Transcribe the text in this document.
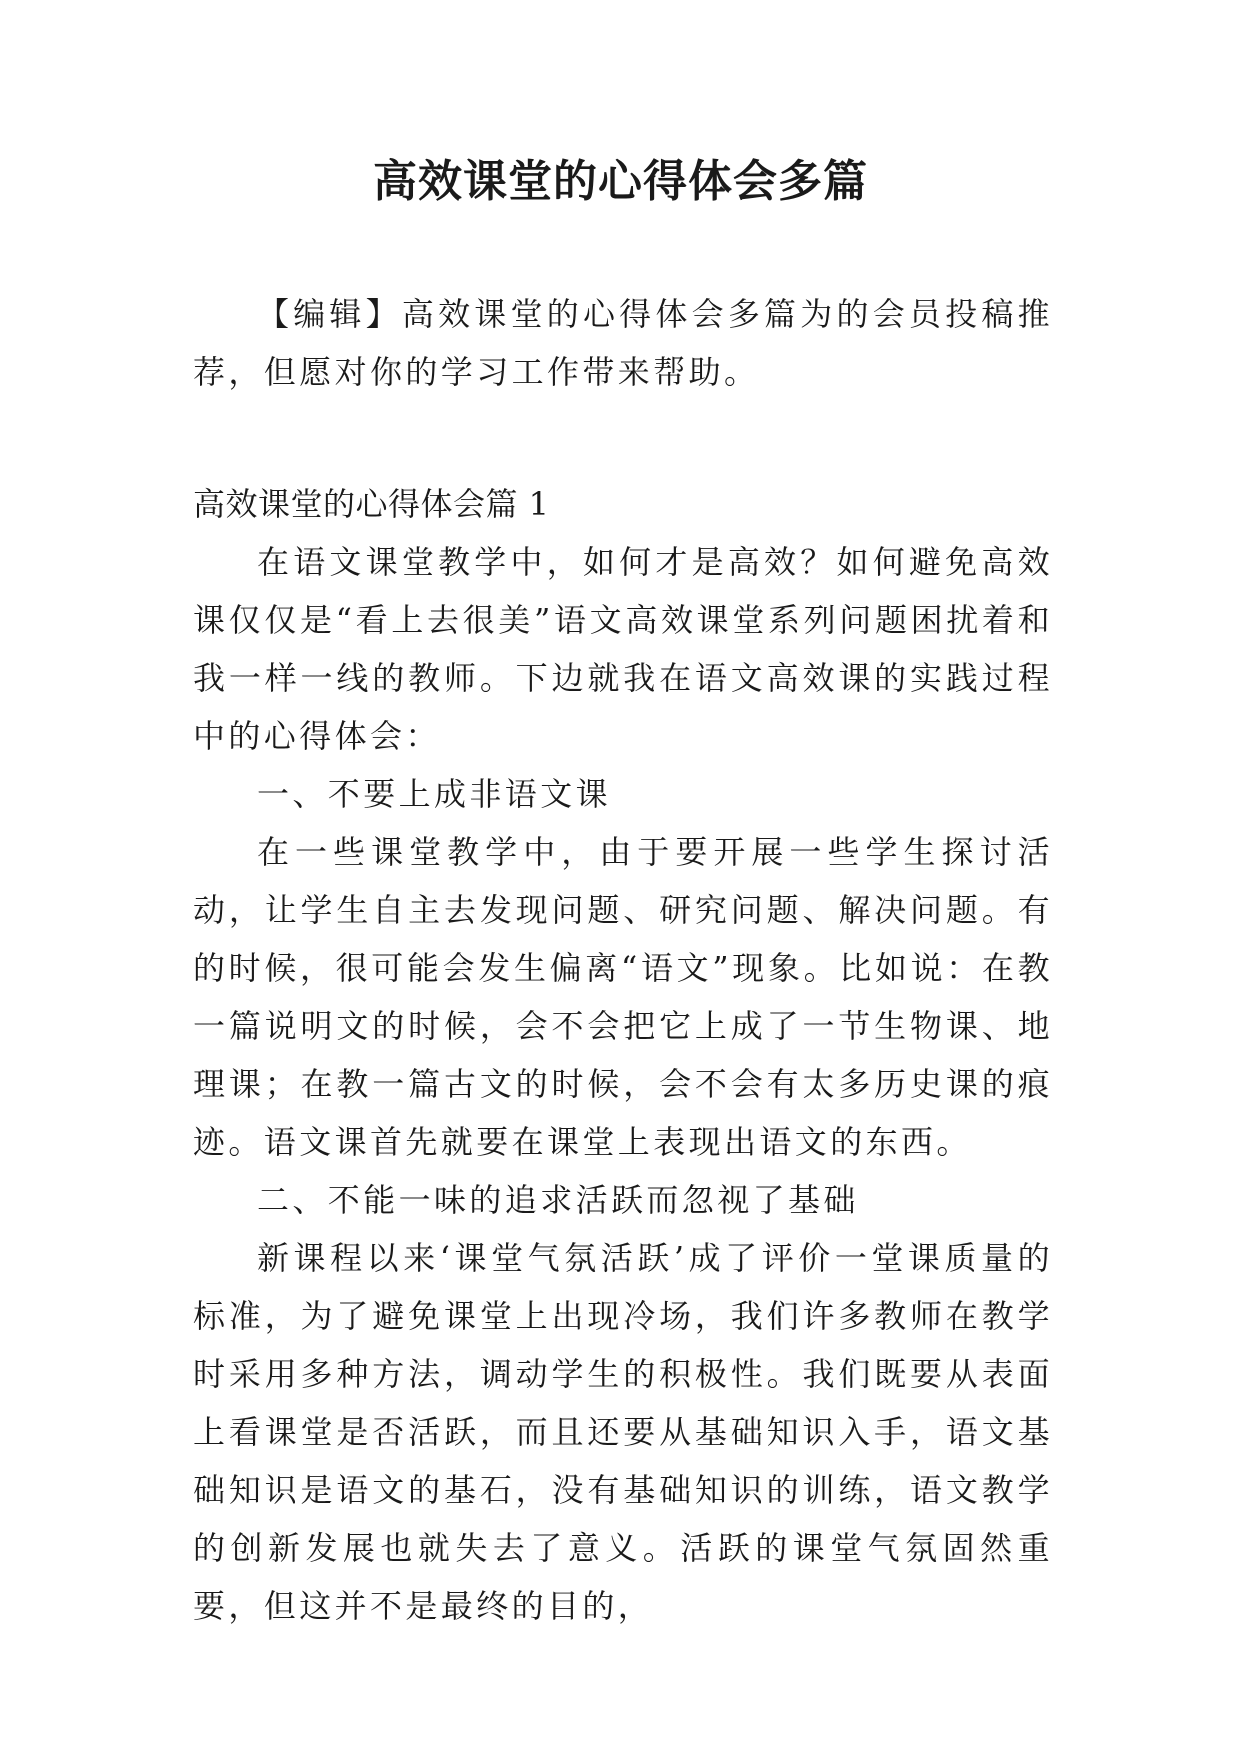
高效课堂的心得体会多篇

【编辑】高效课堂的心得体会多篇为的会员投稿推荐，但愿对你的学习工作带来帮助。

高效课堂的心得体会篇 1

在语文课堂教学中，如何才是高效？如何避免高效课仅仅是“看上去很美”语文高效课堂系列问题困扰着和我一样一线的教师。下边就我在语文高效课的实践过程中的心得体会：

一、不要上成非语文课

在一些课堂教学中，由于要开展一些学生探讨活动，让学生自主去发现问题、研究问题、解决问题。有的时候，很可能会发生偏离“语文”现象。比如说：在教一篇说明文的时候，会不会把它上成了一节生物课、地理课；在教一篇古文的时候，会不会有太多历史课的痕迹。语文课首先就要在课堂上表现出语文的东西。

二、不能一味的追求活跃而忽视了基础

新课程以来‘课堂气氛活跃’成了评价一堂课质量的标准，为了避免课堂上出现冷场，我们许多教师在教学时采用多种方法，调动学生的积极性。我们既要从表面上看课堂是否活跃，而且还要从基础知识入手，语文基础知识是语文的基石，没有基础知识的训练，语文教学的创新发展也就失去了意义。活跃的课堂气氛固然重要，但这并不是最终的目的，
